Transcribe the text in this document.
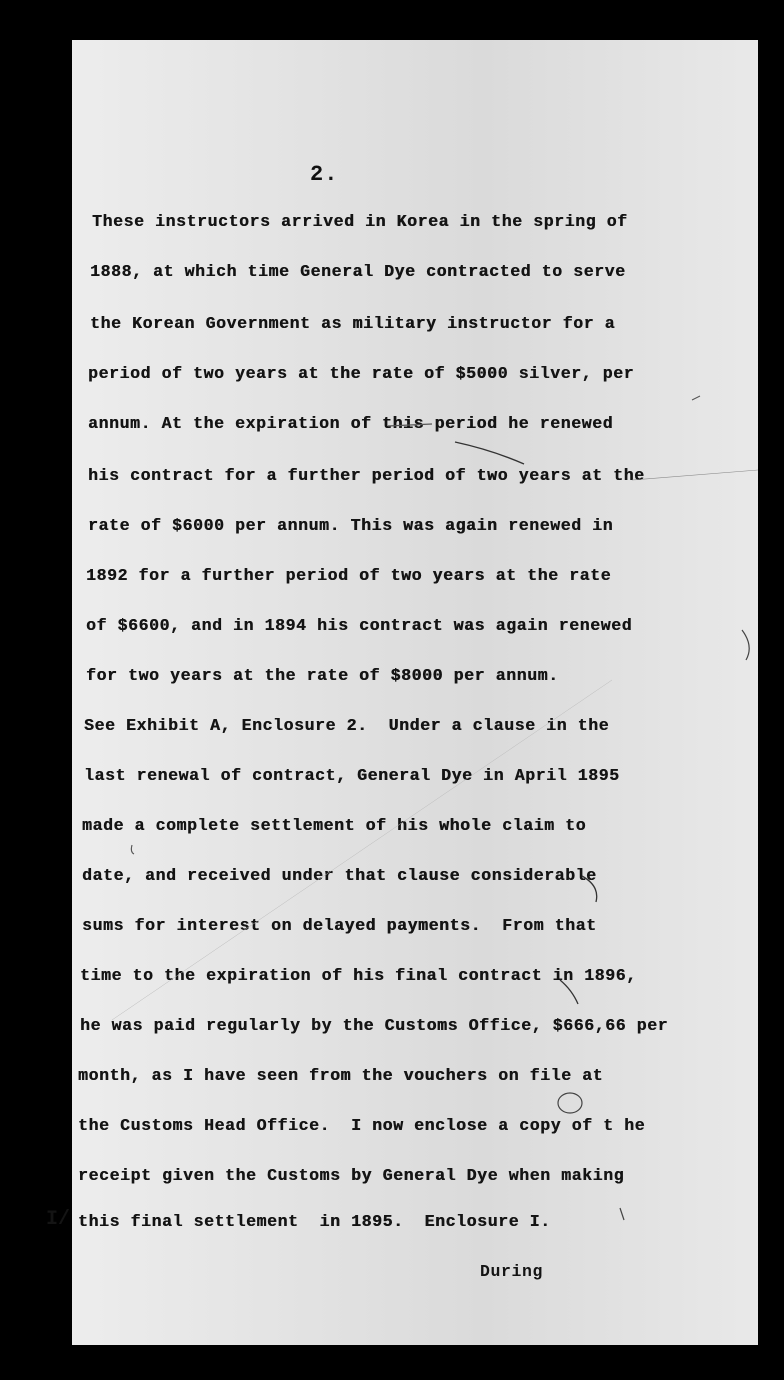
2.
These instructors arrived in Korea in the spring of
1888, at which time General Dye contracted to serve
the Korean Government as military instructor for a
period of two years at the rate of $5000 silver, per
annum. At the expiration of this period he renewed
his contract for a further period of two years at the
rate of $6000 per annum. This was again renewed in
1892 for a further period of two years at the rate
of $6600, and in 1894 his contract was again renewed
for two years at the rate of $8000 per annum.
See Exhibit A, Enclosure 2.  Under a clause in the
last renewal of contract, General Dye in April 1895
made a complete settlement of his whole claim to
date, and received under that clause considerable
sums for interest on delayed payments.  From that
time to the expiration of his final contract in 1896,
he was paid regularly by the Customs Office, $666,66 per
month, as I have seen from the vouchers on file at
the Customs Head Office.  I now enclose a copy of t he
receipt given the Customs by General Dye when making
this final settlement  in 1895.  Enclosure I.
During
I/
